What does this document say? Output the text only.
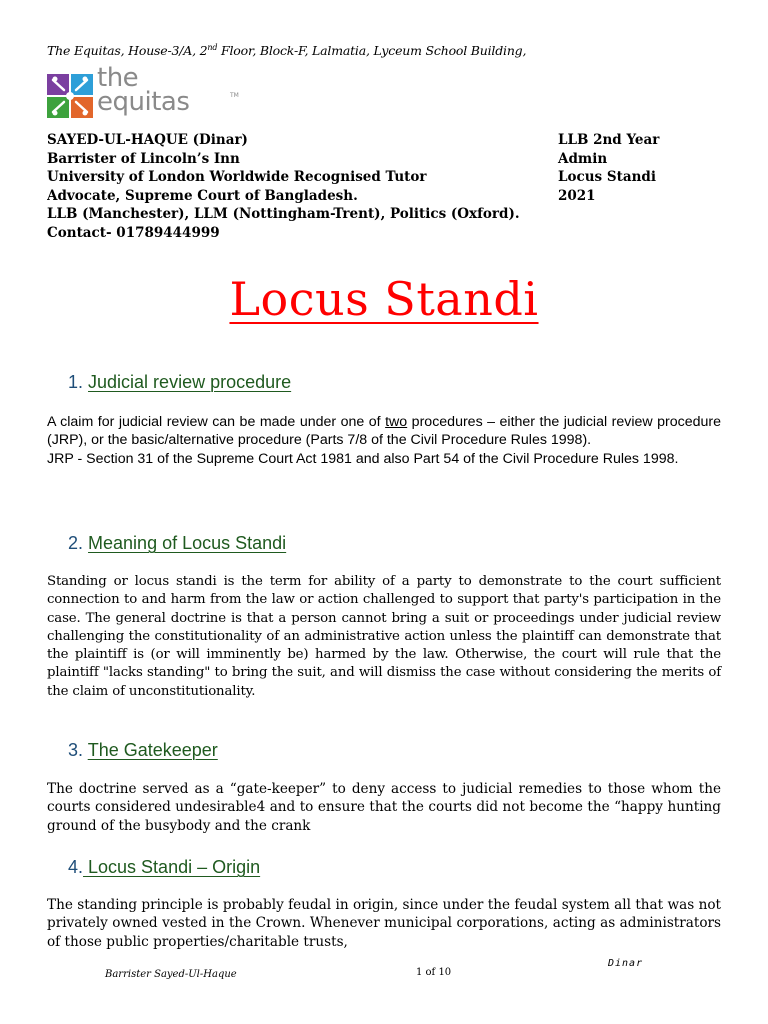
The Equitas, House-3/A, 2nd Floor, Block-F, Lalmatia, Lyceum School Building,
the
equitas	TM
SAYED-UL-HAQUE (Dinar)	LLB 2nd Year
Barrister of Lincoln’s Inn	Admin
University of London Worldwide Recognised Tutor	Locus Standi
Advocate, Supreme Court of Bangladesh.	2021
LLB (Manchester), LLM (Nottingham-Trent), Politics (Oxford).
Contact- 01789444999
Locus Standi
1. Judicial review procedure
A claim for judicial review can be made under one of two procedures – either the judicial review procedure (JRP), or the basic/alternative procedure (Parts 7/8 of the Civil Procedure Rules 1998).
JRP - Section 31 of the Supreme Court Act 1981 and also Part 54 of the Civil Procedure Rules 1998.
2. Meaning of Locus Standi
Standing or locus standi is the term for ability of a party to demonstrate to the court sufficient connection to and harm from the law or action challenged to support that party's participation in the case. The general doctrine is that a person cannot bring a suit or proceedings under judicial review challenging the constitutionality of an administrative action unless the plaintiff can demonstrate that the plaintiff is (or will imminently be) harmed by the law. Otherwise, the court will rule that the plaintiff "lacks standing" to bring the suit, and will dismiss the case without considering the merits of the claim of unconstitutionality.
3. The Gatekeeper
The doctrine served as a “gate-keeper” to deny access to judicial remedies to those whom the courts considered undesirable4 and to ensure that the courts did not become the “happy hunting ground of the busybody and the crank
4. Locus Standi – Origin
The standing principle is probably feudal in origin, since under the feudal system all that was not privately owned vested in the Crown. Whenever municipal corporations, acting as administrators of those public properties/charitable trusts,
Barrister Sayed-Ul-Haque	1 of 10
Dinar
